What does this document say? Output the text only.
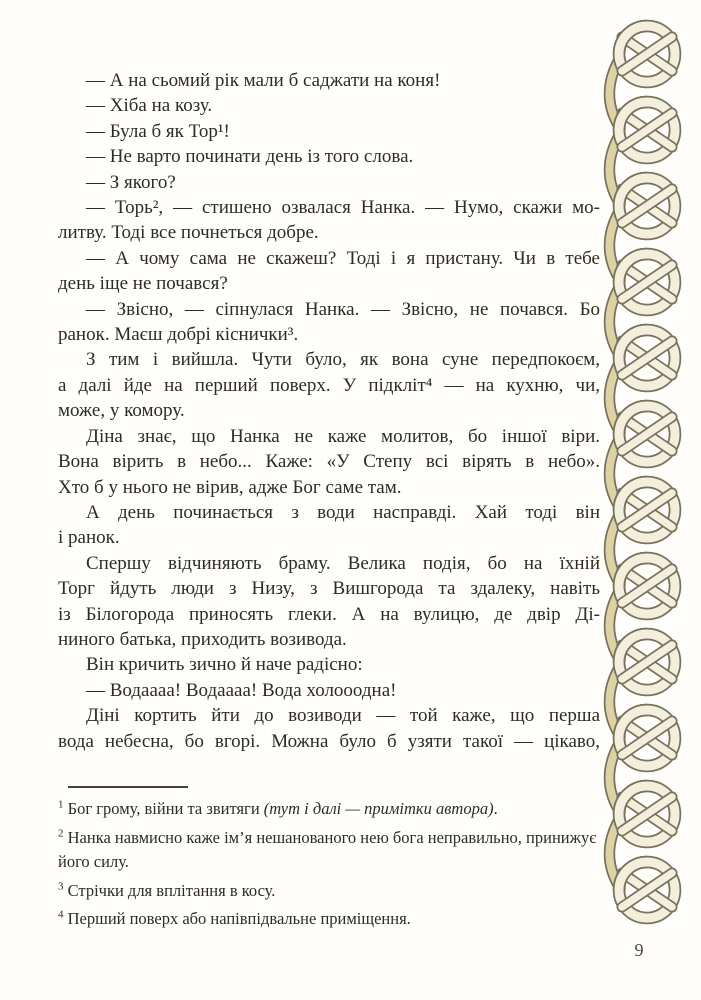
— А на сьомий рік мали б саджати на коня!
— Хіба на козу.
— Була б як Тор¹!
— Не варто починати день із того слова.
— З якого?
— Торь², — стишено озвалася Нанка. — Нумо, скажи мо-
литву. Тоді все почнеться добре.
— А чому сама не скажеш? Тоді і я пристану. Чи в тебе
день іще не почався?
— Звісно, — сіпнулася Нанка. — Звісно, не почався. Бо
ранок. Маєш добрі кіснички³.
З тим і вийшла. Чути було, як вона суне передпокоєм,
а далі йде на перший поверх. У підкліт⁴ — на кухню, чи,
може, у комору.
Діна знає, що Нанка не каже молитов, бо іншої віри.
Вона вірить в небо... Каже: «У Степу всі вірять в небо».
Хто б у нього не вірив, адже Бог саме там.
А день починається з води насправді. Хай тоді він
і ранок.
Спершу відчиняють браму. Велика подія, бо на їхній
Торг йдуть люди з Низу, з Вишгорода та здалеку, навіть
із Білогорода приносять глеки. А на вулицю, де двір Ді-
ниного батька, приходить возивода.
Він кричить зично й наче радісно:
— Водаааа! Водаааа! Вода холооодна!
Діні кортить йти до возиводи — той каже, що перша
вода небесна, бо вгорі. Можна було б узяти такої — цікаво,
$^1$ Бог грому, війни та звитяги (тут і далі — примітки автора).
$^2$ Нанка навмисно каже ім’я нешанованого нею бога неправильно, принижує його силу.
$^3$ Стрічки для вплітання в косу.
$^4$ Перший поверх або напівпідвальне приміщення.
9
